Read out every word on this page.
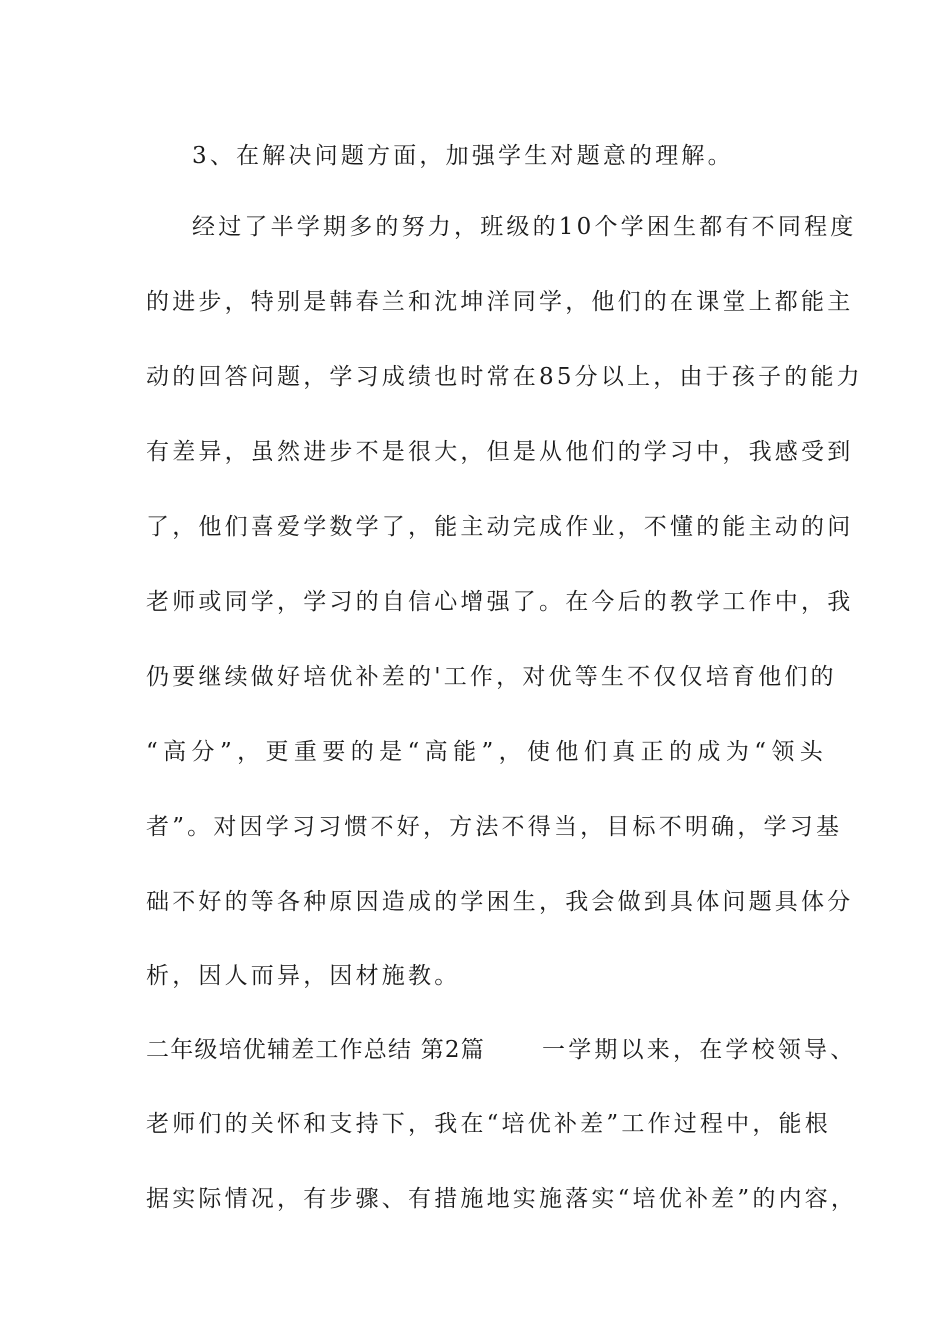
3、在解决问题方面，加强学生对题意的理解。
经过了半学期多的努力，班级的10个学困生都有不同程度
的进步，特别是韩春兰和沈坤洋同学，他们的在课堂上都能主
动的回答问题，学习成绩也时常在85分以上，由于孩子的能力
有差异，虽然进步不是很大，但是从他们的学习中，我感受到
了，他们喜爱学数学了，能主动完成作业，不懂的能主动的问
老师或同学，学习的自信心增强了。在今后的教学工作中，我
仍要继续做好培优补差的'工作，对优等生不仅仅培育他们的
“高分”，更重要的是“高能”，使他们真正的成为“领头
者”。对因学习习惯不好，方法不得当，目标不明确，学习基
础不好的等各种原因造成的学困生，我会做到具体问题具体分
析，因人而异，因材施教。
二年级培优辅差工作总结 第2篇 一学期以来，在学校领导、
老师们的关怀和支持下，我在“培优补差”工作过程中，能根
据实际情况，有步骤、有措施地实施落实“培优补差”的内容，
